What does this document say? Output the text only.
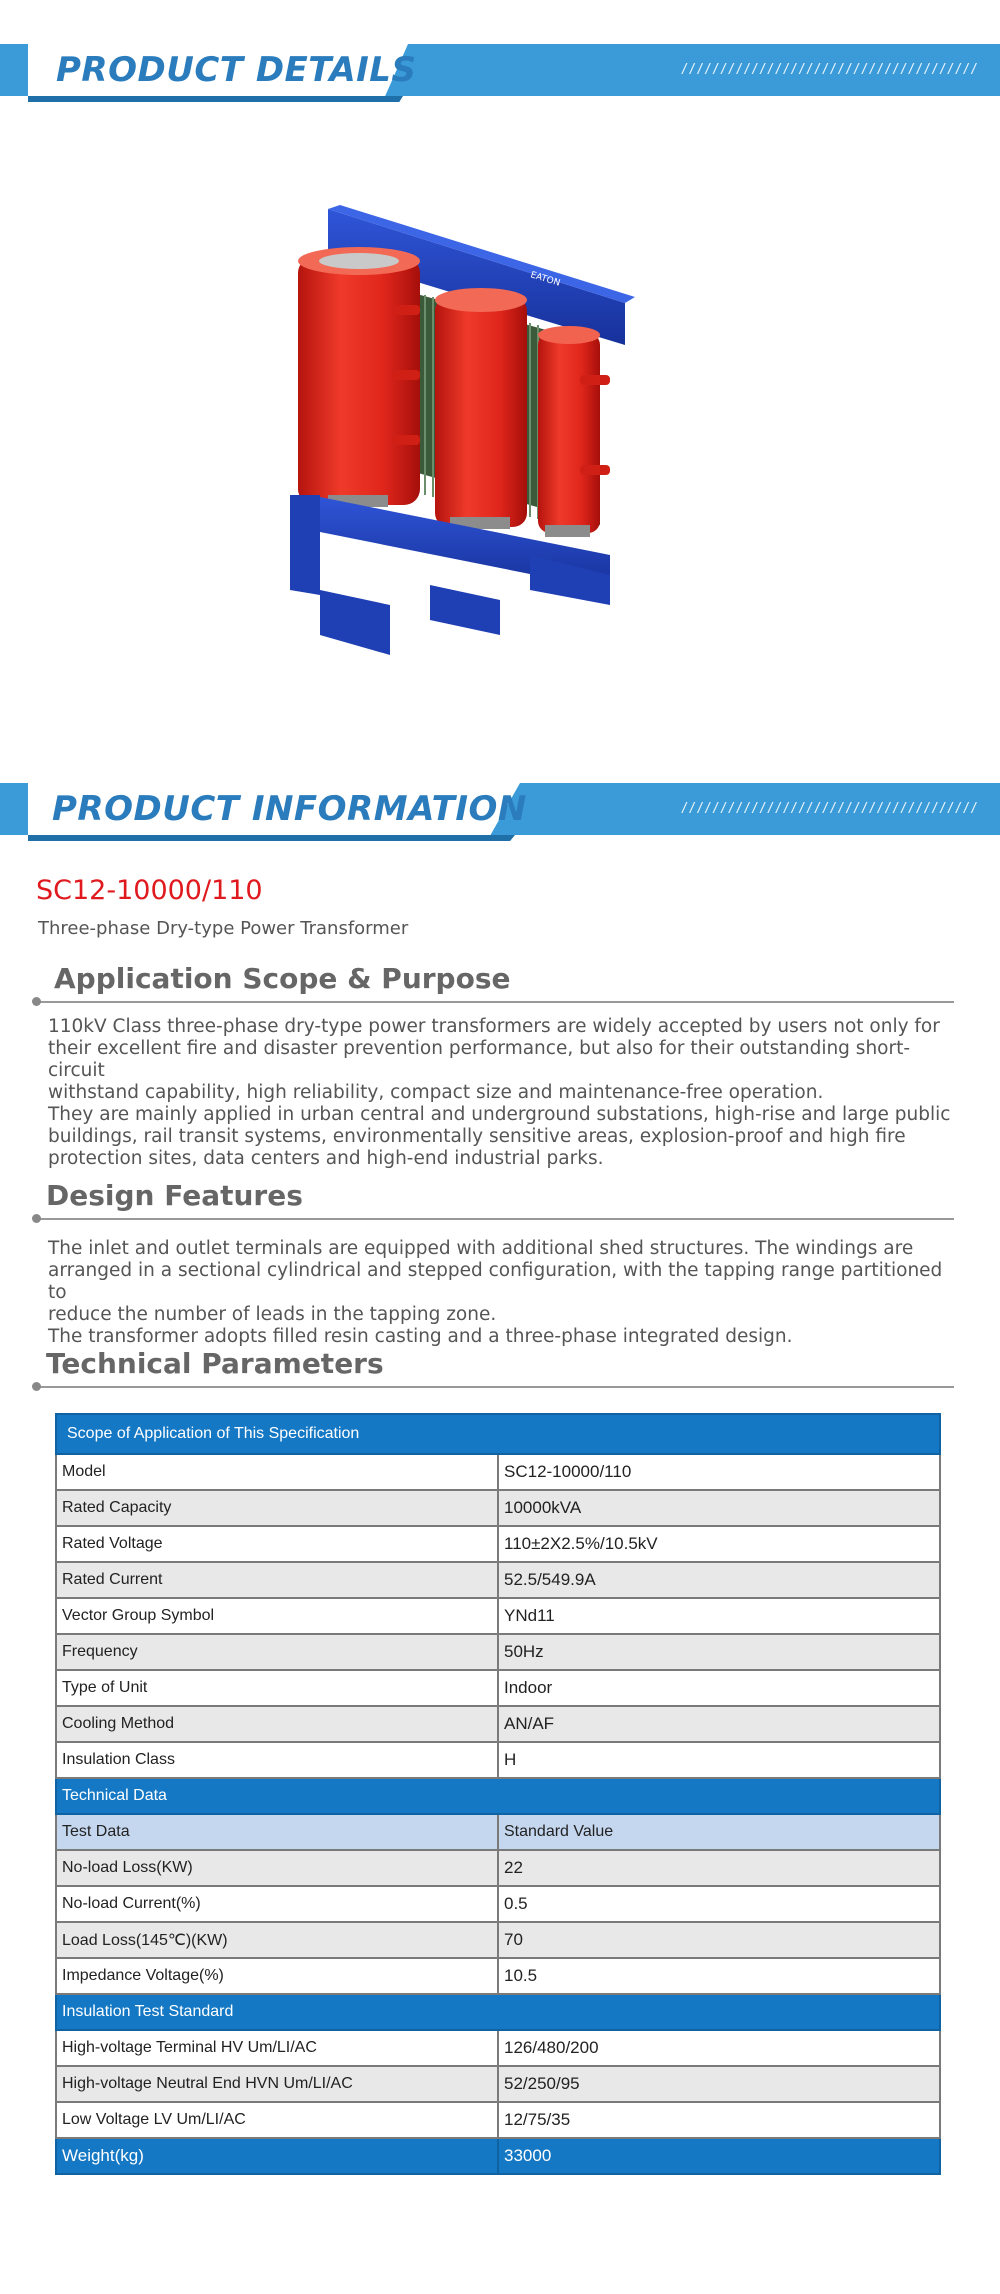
PRODUCT DETAILS	//////////////////////////////////////
EATON
PRODUCT INFORMATION	//////////////////////////////////////
SC12-10000/110
Three-phase Dry-type Power Transformer
Application Scope & Purpose

110kV Class three-phase dry-type power transformers are widely accepted by users not only for

their excellent fire and disaster prevention performance, but also for their outstanding short-circuit

withstand capability, high reliability, compact size and maintenance-free operation.

They are mainly applied in urban central and underground substations, high-rise and large public

buildings, rail transit systems, environmentally sensitive areas, explosion-proof and high fire

protection sites, data centers and high-end industrial parks.

Design Features

The inlet and outlet terminals are equipped with additional shed structures. The windings are

arranged in a sectional cylindrical and stepped configuration, with the tapping range partitioned to

reduce the number of leads in the tapping zone.

The transformer adopts filled resin casting and a three-phase integrated design.

Technical Parameters
Scope of Application of This Specification	
Model	SC12-10000/110
Rated Capacity	10000kVA
Rated Voltage	110±2X2.5%/10.5kV
Rated Current	52.5/549.9A
Vector Group Symbol	YNd11
Frequency	50Hz
Type of Unit	Indoor
Cooling Method	AN/AF
Insulation Class	H
Technical Data	
Test Data	Standard Value
No-load Loss(KW)	22
No-load Current(%)	0.5
Load Loss(145℃)(KW)	70
Impedance Voltage(%)	10.5
Insulation Test Standard	
High-voltage Terminal HV Um/LI/AC	126/480/200
High-voltage Neutral End HVN Um/LI/AC	52/250/95
Low Voltage LV Um/LI/AC	12/75/35
Weight(kg)	33000
